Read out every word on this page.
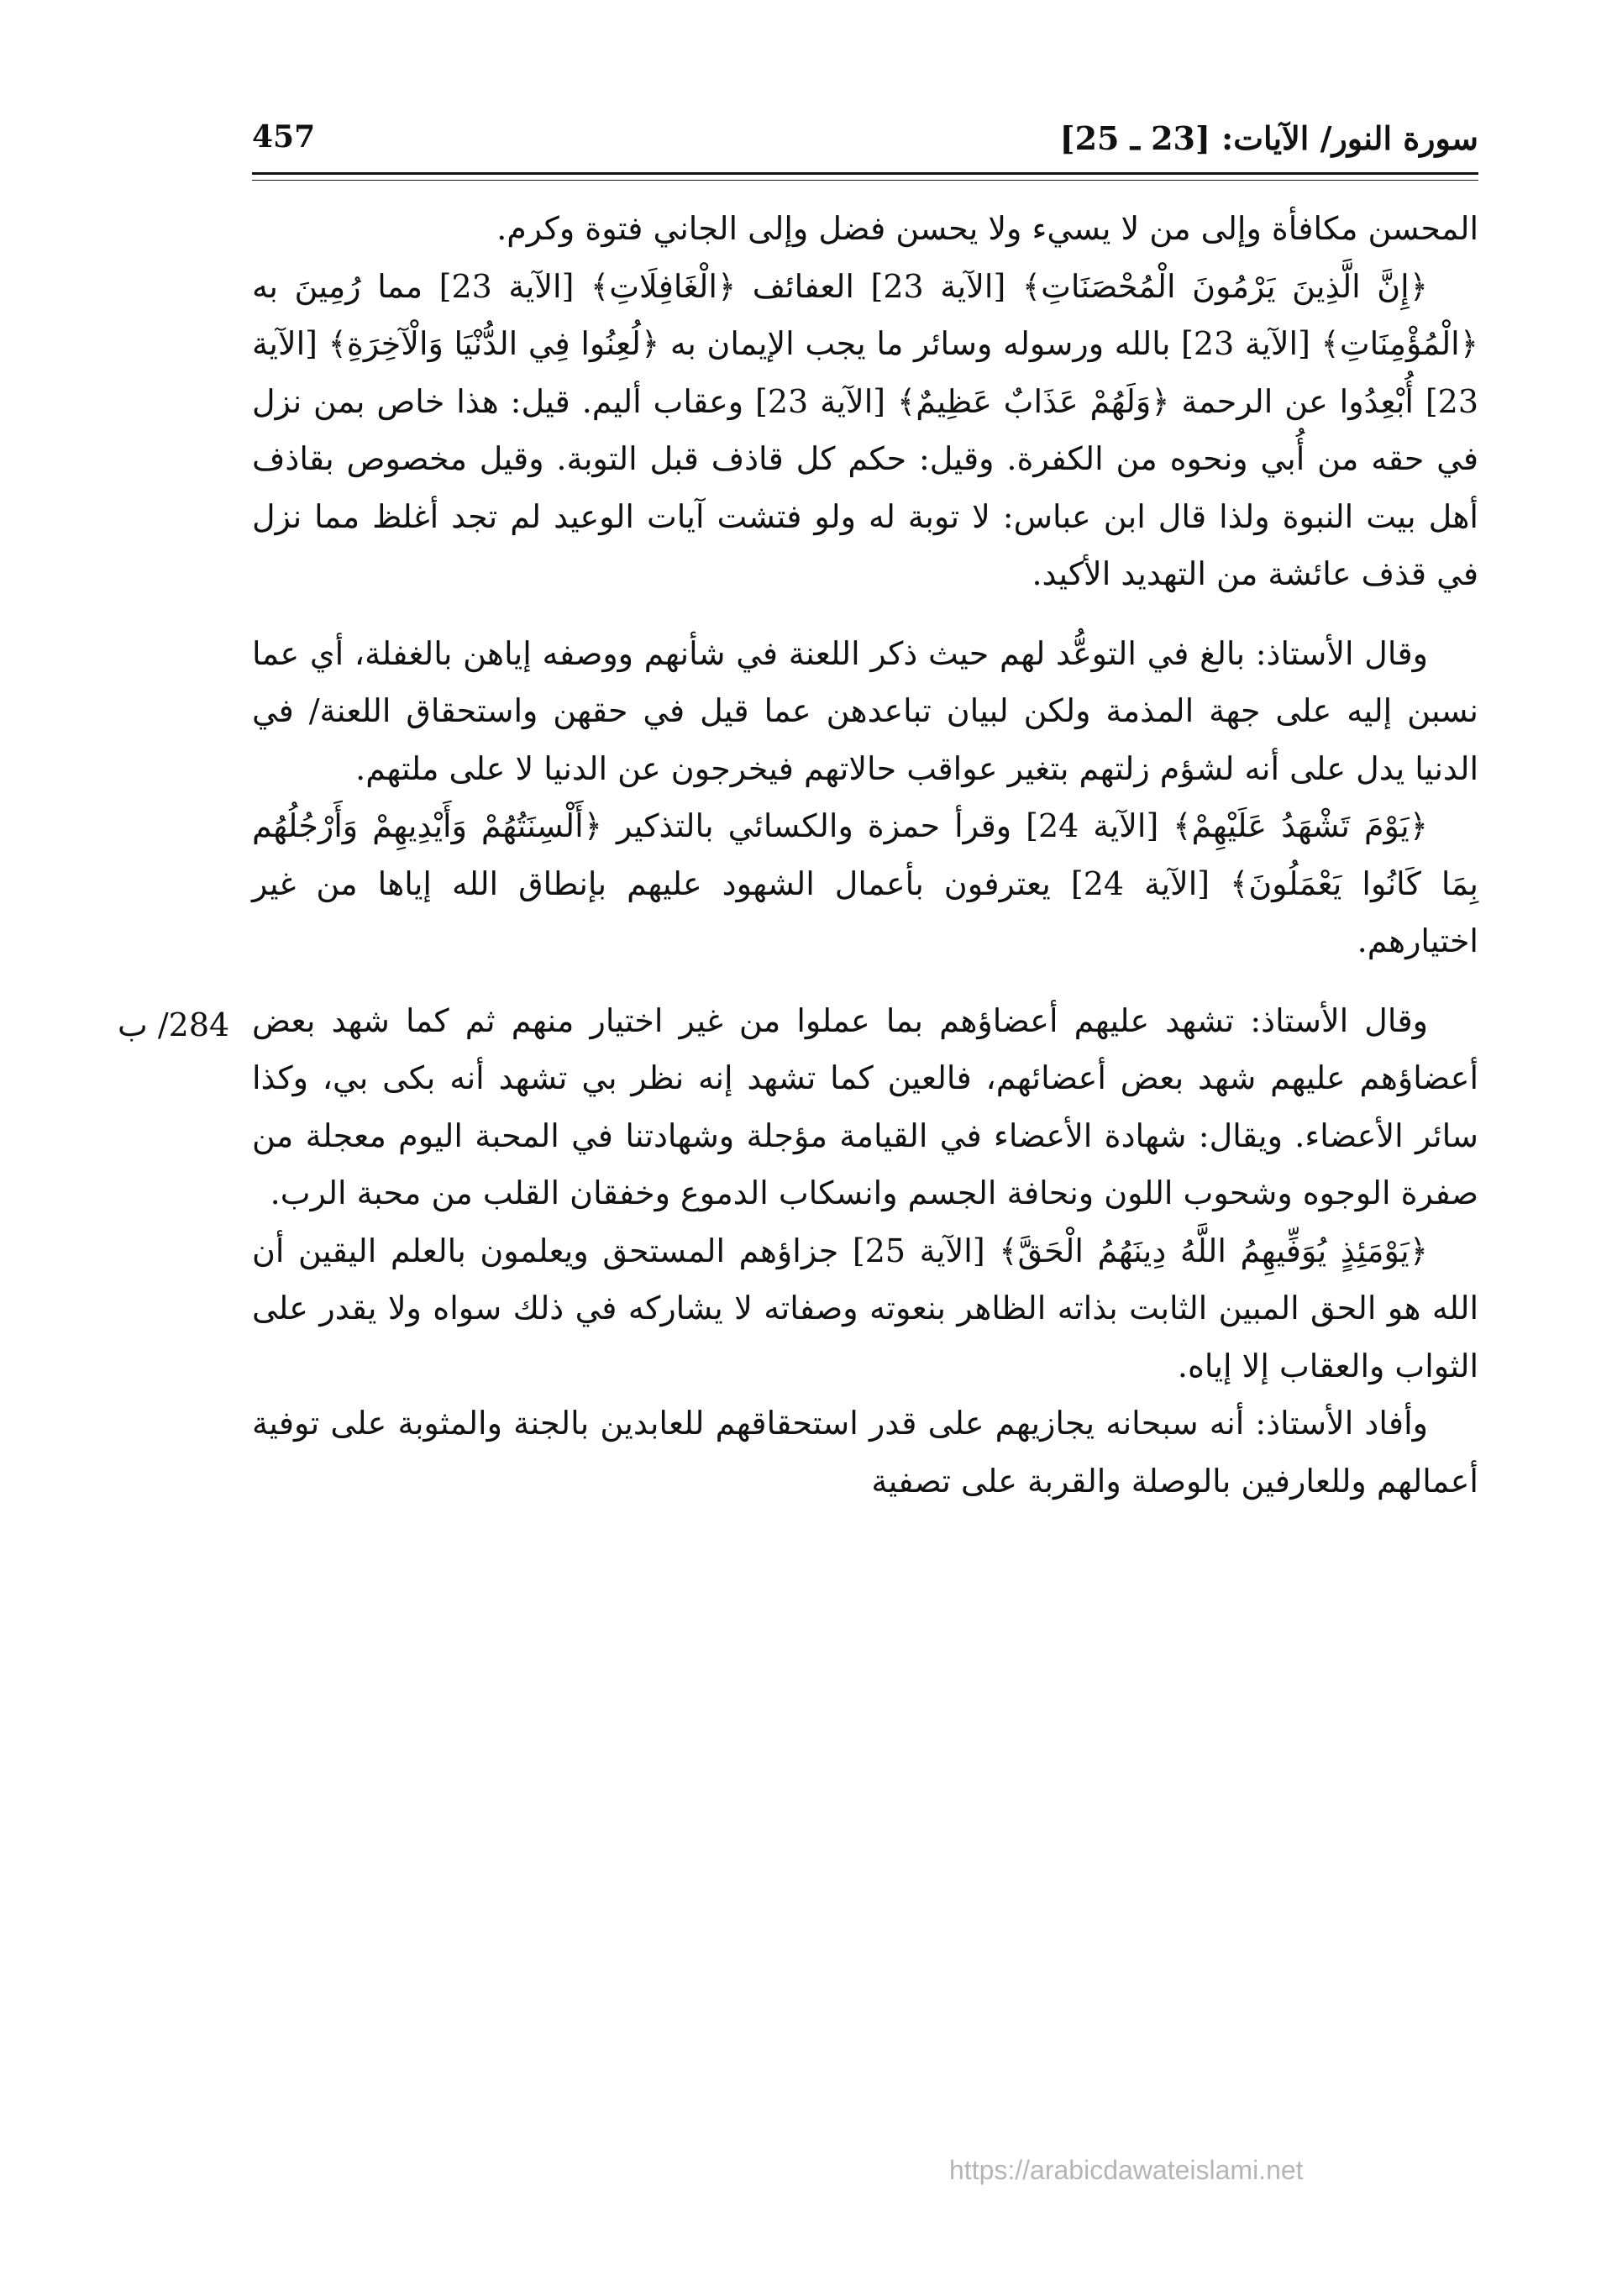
سورة النور/ الآيات: [23 ـ 25]
457

المحسن مكافأة وإلى من لا يسيء ولا يحسن فضل وإلى الجاني فتوة وكرم.

﴿إِنَّ الَّذِينَ يَرْمُونَ الْمُحْصَنَاتِ﴾ [الآية 23] العفائف ﴿الْغَافِلَاتِ﴾ [الآية 23] مما رُمِينَ به ﴿الْمُؤْمِنَاتِ﴾ [الآية 23] بالله ورسوله وسائر ما يجب الإيمان به ﴿لُعِنُوا فِي الدُّنْيَا وَالْآخِرَةِ﴾ [الآية 23] أُبْعِدُوا عن الرحمة ﴿وَلَهُمْ عَذَابٌ عَظِيمٌ﴾ [الآية 23] وعقاب أليم. قيل: هذا خاص بمن نزل في حقه من أُبي ونحوه من الكفرة. وقيل: حكم كل قاذف قبل التوبة. وقيل مخصوص بقاذف أهل بيت النبوة ولذا قال ابن عباس: لا توبة له ولو فتشت آيات الوعيد لم تجد أغلظ مما نزل في قذف عائشة من التهديد الأكيد.

وقال الأستاذ: بالغ في التوعُّد لهم حيث ذكر اللعنة في شأنهم ووصفه إياهن بالغفلة، أي عما نسبن إليه على جهة المذمة ولكن لبيان تباعدهن عما قيل في حقهن واستحقاق اللعنة/ في الدنيا يدل على أنه لشؤم زلتهم بتغير عواقب حالاتهم فيخرجون عن الدنيا لا على ملتهم.

﴿يَوْمَ تَشْهَدُ عَلَيْهِمْ﴾ [الآية 24] وقرأ حمزة والكسائي بالتذكير ﴿أَلْسِنَتُهُمْ وَأَيْدِيهِمْ وَأَرْجُلُهُم بِمَا كَانُوا يَعْمَلُونَ﴾ [الآية 24] يعترفون بأعمال الشهود عليهم بإنطاق الله إياها من غير اختيارهم.

وقال الأستاذ: تشهد عليهم أعضاؤهم بما عملوا من غير اختيار منهم ثم كما شهد بعض أعضاؤهم عليهم شهد بعض أعضائهم، فالعين كما تشهد إنه نظر بي تشهد أنه بكى بي، وكذا سائر الأعضاء. ويقال: شهادة الأعضاء في القيامة مؤجلة وشهادتنا في المحبة اليوم معجلة من صفرة الوجوه وشحوب اللون ونحافة الجسم وانسكاب الدموع وخفقان القلب من محبة الرب.

﴿يَوْمَئِذٍ يُوَفِّيهِمُ اللَّهُ دِينَهُمُ الْحَقَّ﴾ [الآية 25] جزاؤهم المستحق ويعلمون بالعلم اليقين أن الله هو الحق المبين الثابت بذاته الظاهر بنعوته وصفاته لا يشاركه في ذلك سواه ولا يقدر على الثواب والعقاب إلا إياه.

وأفاد الأستاذ: أنه سبحانه يجازيهم على قدر استحقاقهم للعابدين بالجنة والمثوبة على توفية أعمالهم وللعارفين بالوصلة والقربة على تصفية

284/ ب
https://arabicdawateislami.net
